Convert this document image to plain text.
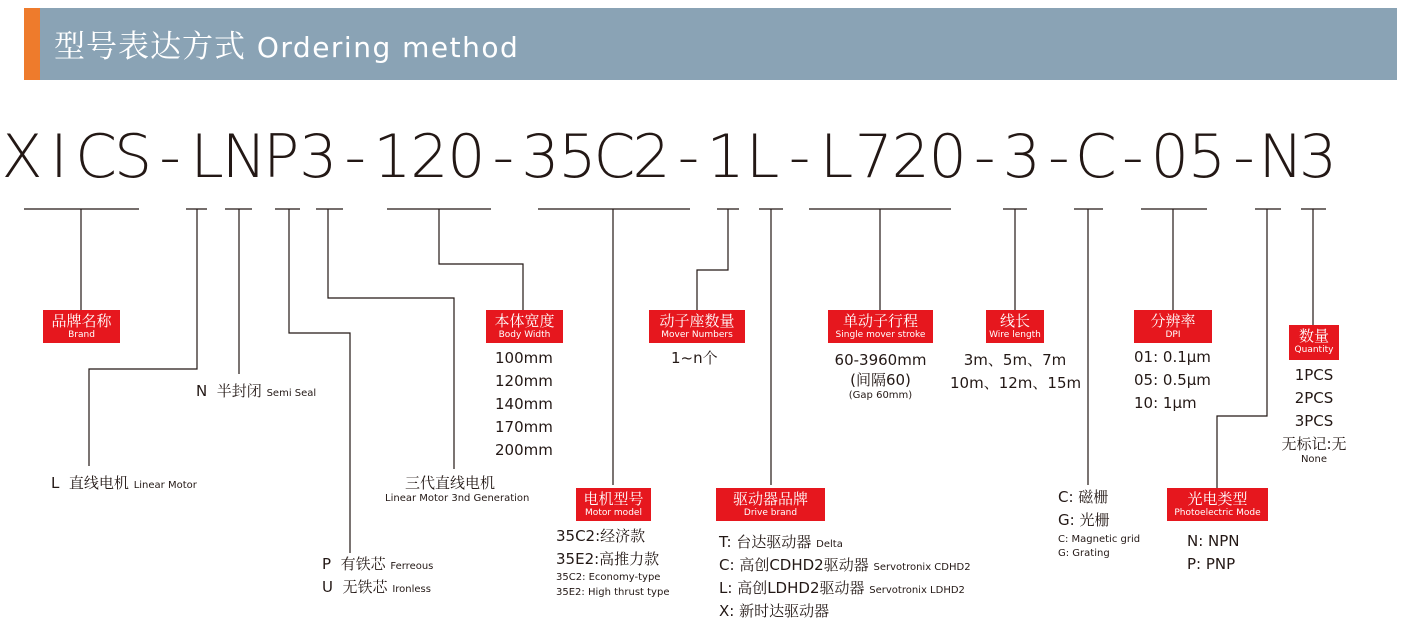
型号表达方式 Ordering method
X I C
S - L
N
P 3 - 1
2
0 - 3
5
C
2 - 1 L - L 7
2
0 - 3 - C - 0
5 - N
3
品牌名称
Brand
N 半封闭 Semi Seal
L 直线电机 Linear Motor
P 有铁芯 Ferreous
U 无铁芯 Ironless
三代直线电机
Linear Motor 3nd Generation
本体宽度
Body Width
100mm
120mm
140mm
170mm
200mm
电机型号
Motor model
35C2:经济款
35E2:高推力款
35C2: Economy-type
35E2: High thrust type
动子座数量
Mover Numbers
1~n个
驱动器品牌
Drive brand
T: 台达驱动器 Delta
C: 高创CDHD2驱动器 Servotronix CDHD2
L: 高创LDHD2驱动器 Servotronix LDHD2
X: 新时达驱动器
单动子行程
Single mover stroke
60-3960mm
(间隔60)
(Gap 60mm)
线长
Wire length
3m、5m、7m
10m、12m、15m
C: 磁栅
G: 光栅
C: Magnetic grid
G: Grating
分辨率
DPI
01: 0.1μm
05: 0.5μm
10: 1μm
光电类型
Photoelectric Mode
N: NPN
P: PNP
数量
Quantity
1PCS
2PCS
3PCS
无标记:无
None
